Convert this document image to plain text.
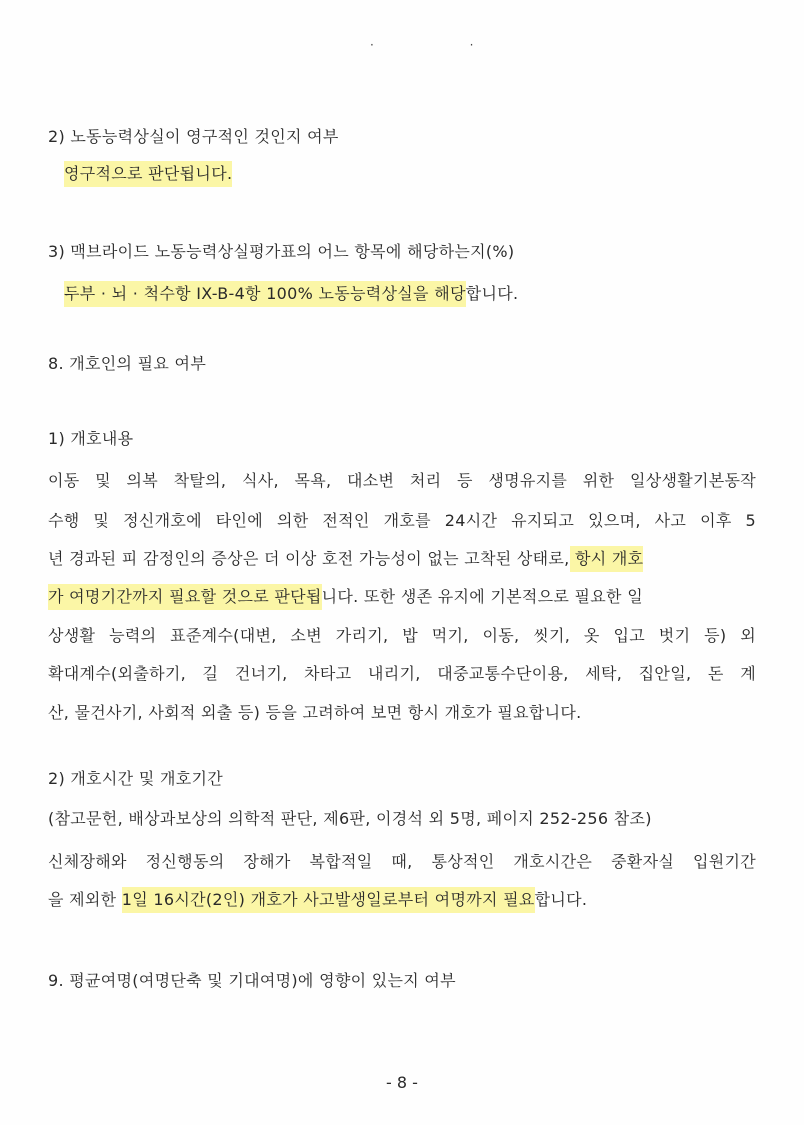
· ·
2) 노동능력상실이 영구적인 것인지 여부
영구적으로 판단됩니다.
3) 맥브라이드 노동능력상실평가표의 어느 항목에 해당하는지(%)
두부 · 뇌 · 척수항 IX-B-4항 100% 노동능력상실을 해당합니다.
8. 개호인의 필요 여부
1) 개호내용
이동 및 의복 착탈의, 식사, 목욕, 대소변 처리 등 생명유지를 위한 일상생활기본동작
수행 및 정신개호에 타인에 의한 전적인 개호를 24시간 유지되고 있으며, 사고 이후 5
년 경과된 피 감정인의 증상은 더 이상 호전 가능성이 없는 고착된 상태로, 항시 개호
가 여명기간까지 필요할 것으로 판단됩니다. 또한 생존 유지에 기본적으로 필요한 일
상생활 능력의 표준계수(대변, 소변 가리기, 밥 먹기, 이동, 씻기, 옷 입고 벗기 등) 외
확대계수(외출하기, 길 건너기, 차타고 내리기, 대중교통수단이용, 세탁, 집안일, 돈 계
산, 물건사기, 사회적 외출 등) 등을 고려하여 보면 항시 개호가 필요합니다.
2) 개호시간 및 개호기간
(참고문헌, 배상과보상의 의학적 판단, 제6판, 이경석 외 5명, 페이지 252-256 참조)
신체장해와 정신행동의 장해가 복합적일 때, 통상적인 개호시간은 중환자실 입원기간
을 제외한 1일 16시간(2인) 개호가 사고발생일로부터 여명까지 필요합니다.
9. 평균여명(여명단축 및 기대여명)에 영향이 있는지 여부
- 8 -
